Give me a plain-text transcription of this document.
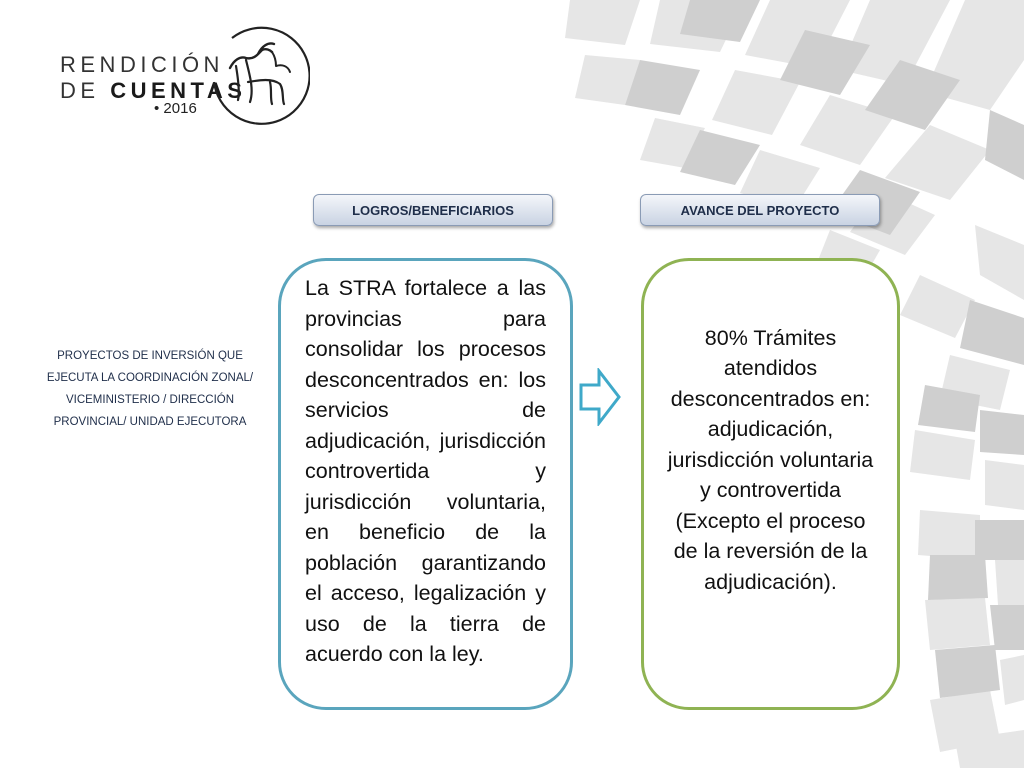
RENDICIÓN
DE CUENTAS
• 2016
LOGROS/BENEFICIARIOS	AVANCE DEL PROYECTO
PROYECTOS DE INVERSIÓN QUE EJECUTA LA COORDINACIÓN ZONAL/ VICEMINISTERIO / DIRECCIÓN PROVINCIAL/ UNIDAD EJECUTORA

La STRA fortalece a las provincias para consolidar los procesos desconcentrados en: los servicios de adjudicación, jurisdicción controvertida y jurisdicción voluntaria, en beneficio de la población garantizando el acceso, legalización y uso de la tierra de acuerdo con la ley.

80% Trámites atendidos desconcentrados en: adjudicación, jurisdicción voluntaria y controvertida (Excepto el proceso de la reversión de la adjudicación).
